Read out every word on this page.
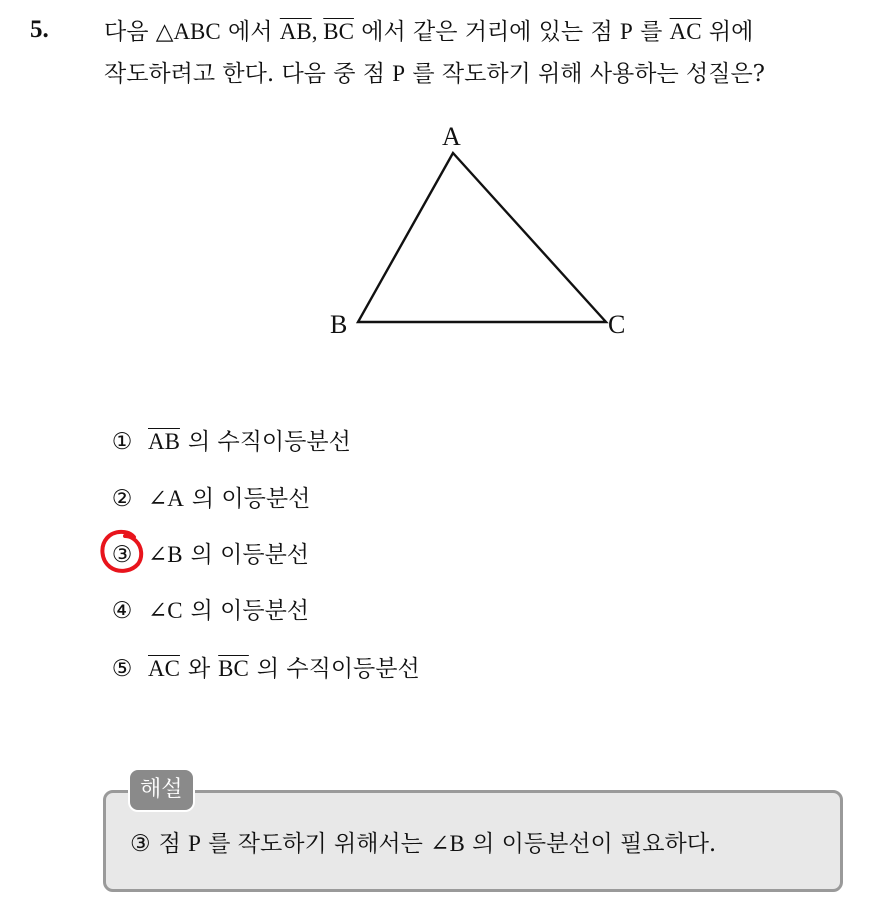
5. 다음 △ABC 에서 $\overline{AB}$, $\overline{BC}$ 에서 같은 거리에 있는 점 P 를 $\overline{AC}$ 위에
작도하려고 한다. 다음 중 점 P 를 작도하기 위해 사용하는 성질은?
A
B	C
① $\overline{AB}$ 의 수직이등분선
② ∠A 의 이등분선
③ ∠B 의 이등분선
④ ∠C 의 이등분선
⑤ $\overline{AC}$ 와 $\overline{BC}$ 의 수직이등분선
해설
③ 점 P 를 작도하기 위해서는 ∠B 의 이등분선이 필요하다.
